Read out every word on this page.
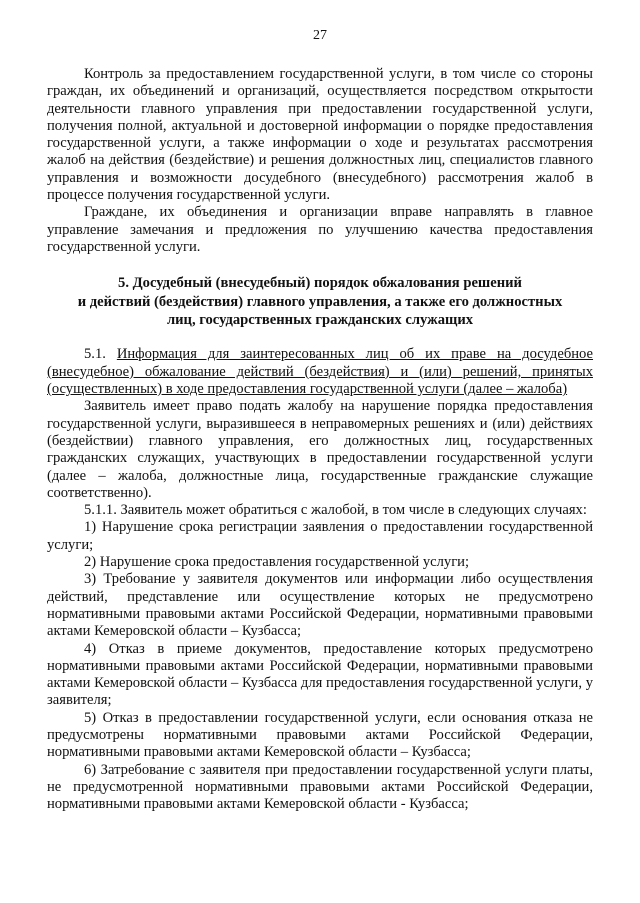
27

Контроль за предоставлением государственной услуги, в том числе со стороны граждан, их объединений и организаций, осуществляется посредством открытости деятельности главного управления при предоставлении государственной услуги, получения полной, актуальной и достоверной информации о порядке предоставления государственной услуги, а также информации о ходе и результатах рассмотрения жалоб на действия (бездействие) и решения должностных лиц, специалистов главного управления и возможности досудебного (внесудебного) рассмотрения жалоб в процессе получения государственной услуги.

Граждане, их объединения и организации вправе направлять в главное управление замечания и предложения по улучшению качества предоставления государственной услуги.

5. Досудебный (внесудебный) порядок обжалования решений
и действий (бездействия) главного управления, а также его должностных
лиц, государственных гражданских служащих

5.1. Информация для заинтересованных лиц об их праве на досудебное (внесудебное) обжалование действий (бездействия) и (или) решений, принятых (осуществленных) в ходе предоставления государственной услуги (далее – жалоба)

Заявитель имеет право подать жалобу на нарушение порядка предоставления государственной услуги, выразившееся в неправомерных решениях и (или) действиях (бездействии) главного управления, его должностных лиц, государственных гражданских служащих, участвующих в предоставлении государственной услуги (далее – жалоба, должностные лица, государственные гражданские служащие соответственно).

5.1.1. Заявитель может обратиться с жалобой, в том числе в следующих случаях:

1) Нарушение срока регистрации заявления о предоставлении государственной услуги;

2) Нарушение срока предоставления государственной услуги;

3) Требование у заявителя документов или информации либо осуществления действий, представление или осуществление которых не предусмотрено нормативными правовыми актами Российской Федерации, нормативными правовыми актами Кемеровской области – Кузбасса;

4) Отказ в приеме документов, предоставление которых предусмотрено нормативными правовыми актами Российской Федерации, нормативными правовыми актами Кемеровской области – Кузбасса для предоставления государственной услуги, у заявителя;

5) Отказ в предоставлении государственной услуги, если основания отказа не предусмотрены нормативными правовыми актами Российской Федерации, нормативными правовыми актами Кемеровской области – Кузбасса;

6) Затребование с заявителя при предоставлении государственной услуги платы, не предусмотренной нормативными правовыми актами Российской Федерации, нормативными правовыми актами Кемеровской области - Кузбасса;
